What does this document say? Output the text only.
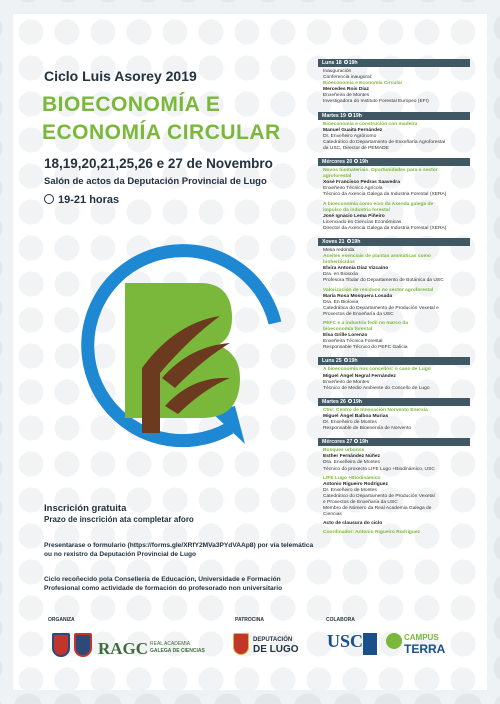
Ciclo Luis Asorey 2019
BIOECONOMÍA E
ECONOMÍA CIRCULAR
18,19,20,21,25,26 e 27 de Novembro
Salón de actos da Deputación Provincial de Lugo
19-21 horas
Inscrición gratuita
Prazo de inscrición ata completar aforo
Presentarase o formulario (https://forms.gle/XRfY2MVa3PYdVAAp8) por vía telemática ou no rexistro da Deputación Provincial de Lugo
Ciclo recoñecido pola Consellería de Educación, Universidade e Formación Profesional como actividade de formación do profesorado non universitario
ORGANIZA
RAGC REAL ACADEMIA
GALEGA DE CIENCIAS
PATROCINA
DEPUTACIÓN
DE LUGO
COLABORA
USC	CAMPUS
TERRA
Luns 18 19h
Inauguración
Conferencia inaugural:
Bioeconomía e Economía Circular
Mercedes Rois Díaz
Enxeñeira de Montes
Investigadora do Instituto Forestal Europeo (EFI)
Martes 19 19h
Bioeconomía e construción con madeira
Manuel Guaita Fernández
Dr. Enxeñeiro Agrónomo
Catedrático do Departamento de Enxeñaría Agroforestal
da USC, Director de PEMADE
Mércores 20 19h
Novos biomateriais. Oportunidades para o sector
agroforestal
Xosé Francisco Pedras Saavedra
Enxeñeiro Técnico Agrícola
Técnico da Axencia Galega da Industria Forestal (XERA)
A bioeconomía como eixo da Axenda galega de
impulso da industria forestal
José Ignacio Lema Piñeiro
Licenciado en Ciencias Económicas
Director da Axencia Galega da Industria Forestal (XERA)
Xoves 21 19h
Mesa redonda
Aceites esenciais de plantas aromáticas como
bioherbicidas
Elvira Antonia Díaz Vizcaíno
Dra. en Bioloxía
Profesora Titular do Departamento de Botánica da USC
Valorización de residuos no sector agroforestal
María Rosa Mosquera Losada
Dra. En Bioloxía
Catedrática do Departamento de Produción Vexetal e
Proxectos de Enxeñaría da USC
PEFC e a industria fedil no marco da
bioeconomía forestal
Elsa Grille Lorenzo
Enxeñeira Técnica Forestal
Responsable Técnico do PEFC Galicia
Luns 25 19h
A bioeconomía nos concellos: o caso de Lugo
Miguel Ángel Negral Fernández
Enxeñeiro de Montes
Técnico de Medio Ambiente do Concello de Lugo
Martes 26 19h
Ctnr: Centro de Innovación Norvento Enerxía
Miguel Ángel Balboa Murias
Dr. Enxeñeiro de Montes
Responsable de Bioenerxía de Norvento
Mércores 27 19h
Bosques urbanos
Esther Fernández Núñez
Dra. Enxeñeira de Montes
Técnico do proxecto LIFE Lugo +Biodinámico, USC
LIFE Lugo +Biodinámico
Antonio Rigueiro Rodríguez
Dr. Enxeñeiro de Montes
Catedrático do Departamento de Produción Vexetal
e Proxectos de Enxeñaría da USC
Membro de Número da Real Academia Galega de
Ciencias
Acto de clausura do ciclo
Coordinador: Antonio Rigueiro Rodríguez
